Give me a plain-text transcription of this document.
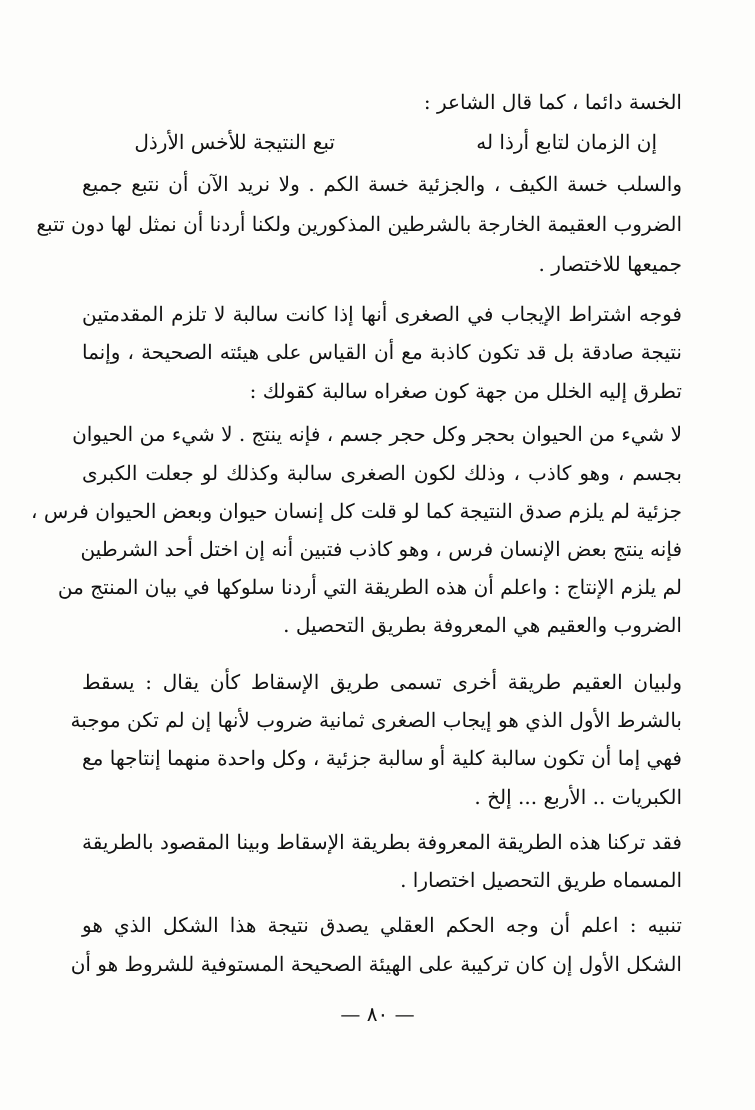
الخسة دائما ، كما قال الشاعر :
إن الزمان لتابع أرذا له
تبع النتيجة للأخس الأرذل
والسلب خسة الكيف ، والجزئية خسة الكم . ولا نريد الآن أن نتبع جميع
الضروب العقيمة الخارجة بالشرطين المذكورين ولكنا أردنا أن نمثل لها دون تتبع
جميعها للاختصار .
فوجه اشتراط الإيجاب في الصغرى أنها إذا كانت سالبة لا تلزم المقدمتين
نتيجة صادقة بل قد تكون كاذبة مع أن القياس على هيئته الصحيحة ، وإنما
تطرق إليه الخلل من جهة كون صغراه سالبة كقولك :
لا شيء من الحيوان بحجر وكل حجر جسم ، فإنه ينتج . لا شيء من الحيوان
بجسم ، وهو كاذب ، وذلك لكون الصغرى سالبة وكذلك لو جعلت الكبرى
جزئية لم يلزم صدق النتيجة كما لو قلت كل إنسان حيوان وبعض الحيوان فرس ،
فإنه ينتج بعض الإنسان فرس ، وهو كاذب فتبين أنه إن اختل أحد الشرطين
لم يلزم الإنتاج : واعلم أن هذه الطريقة التي أردنا سلوكها في بيان المنتج من
الضروب والعقيم هي المعروفة بطريق التحصيل .
ولبيان العقيم طريقة أخرى تسمى طريق الإسقاط كأن يقال : يسقط
بالشرط الأول الذي هو إيجاب الصغرى ثمانية ضروب لأنها إن لم تكن موجبة
فهي إما أن تكون سالبة كلية أو سالبة جزئية ، وكل واحدة منهما إنتاجها مع
الكبريات .. الأربع ... إلخ .
فقد تركنا هذه الطريقة المعروفة بطريقة الإسقاط وبينا المقصود بالطريقة
المسماه طريق التحصيل اختصارا .
تنبيه : اعلم أن وجه الحكم العقلي يصدق نتيجة هذا الشكل الذي هو
الشكل الأول إن كان تركيبة على الهيئة الصحيحة المستوفية للشروط هو أن
— ٨٠ —
